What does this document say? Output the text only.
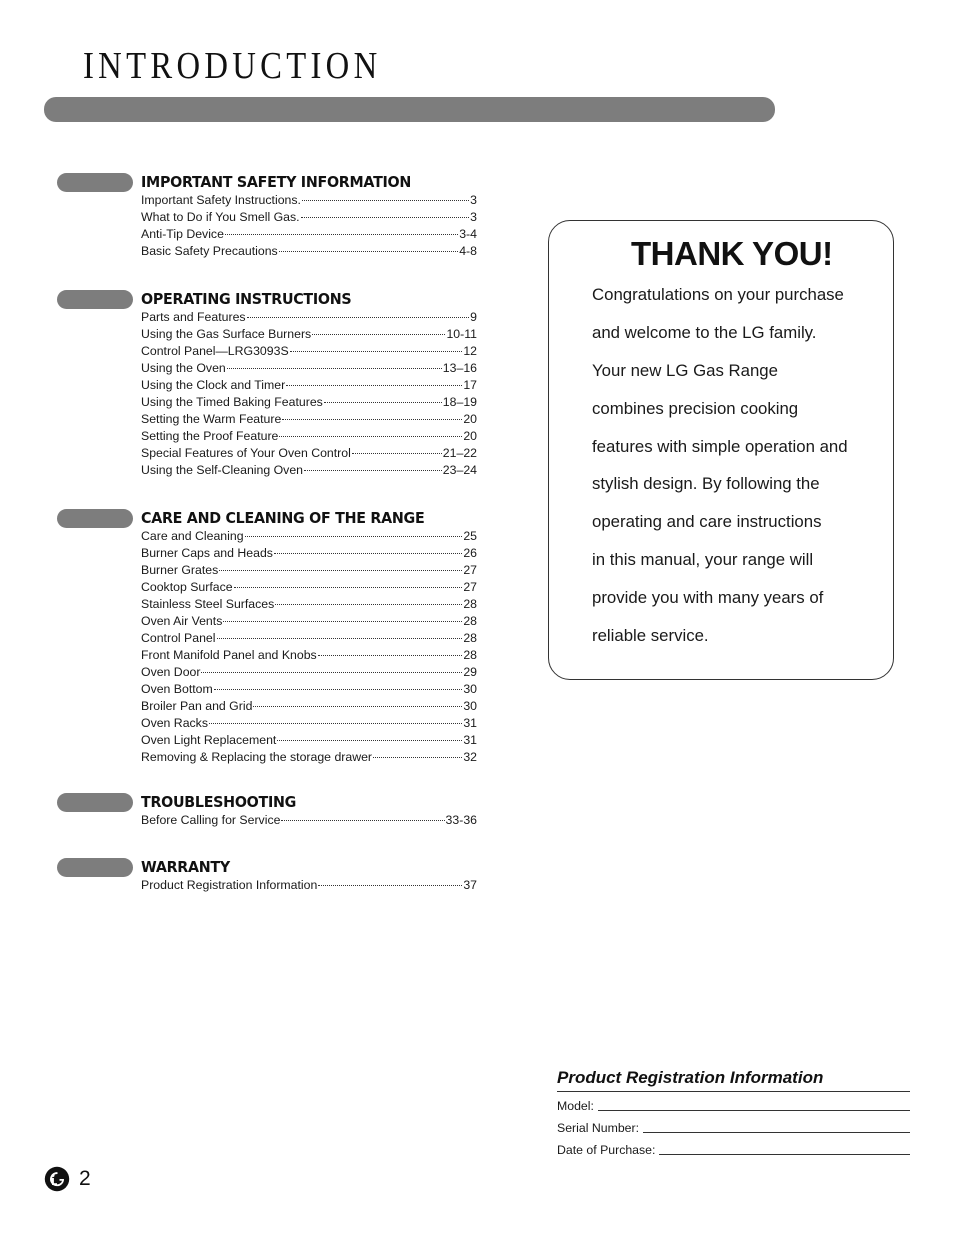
INTRODUCTION
IMPORTANT SAFETY INFORMATION
Important Safety Instructions.	3
What to Do if You Smell Gas.	3
Anti-Tip Device	3-4
Basic Safety Precautions	4-8
OPERATING INSTRUCTIONS
Parts and Features	9
Using the Gas Surface Burners	10-11
Control Panel—LRG3093S	12
Using the Oven	13–16
Using the Clock and Timer	17
Using the Timed Baking Features	18–19
Setting the Warm Feature	20
Setting the Proof Feature	20
Special Features of Your Oven Control	21–22
Using the Self-Cleaning Oven	23–24
CARE AND CLEANING OF THE RANGE
Care and Cleaning	25
Burner Caps and Heads	26
Burner Grates	27
Cooktop Surface	27
Stainless Steel Surfaces	28
Oven Air Vents	28
Control Panel	28
Front Manifold Panel and Knobs	28
Oven Door	29
Oven Bottom	30
Broiler Pan and Grid	30
Oven Racks	31
Oven Light Replacement	31
Removing & Replacing the storage drawer	32
TROUBLESHOOTING
Before Calling for Service	33-36
WARRANTY
Product Registration Information	37
THANK YOU!
Congratulations on your purchase
and welcome to the LG family.
Your new LG Gas Range
combines precision cooking
features with simple operation and
stylish design. By following the
operating and care instructions
in this manual, your range will
provide you with many years of
reliable service.
Product Registration Information
Model:
Serial Number:
Date of Purchase:
2
